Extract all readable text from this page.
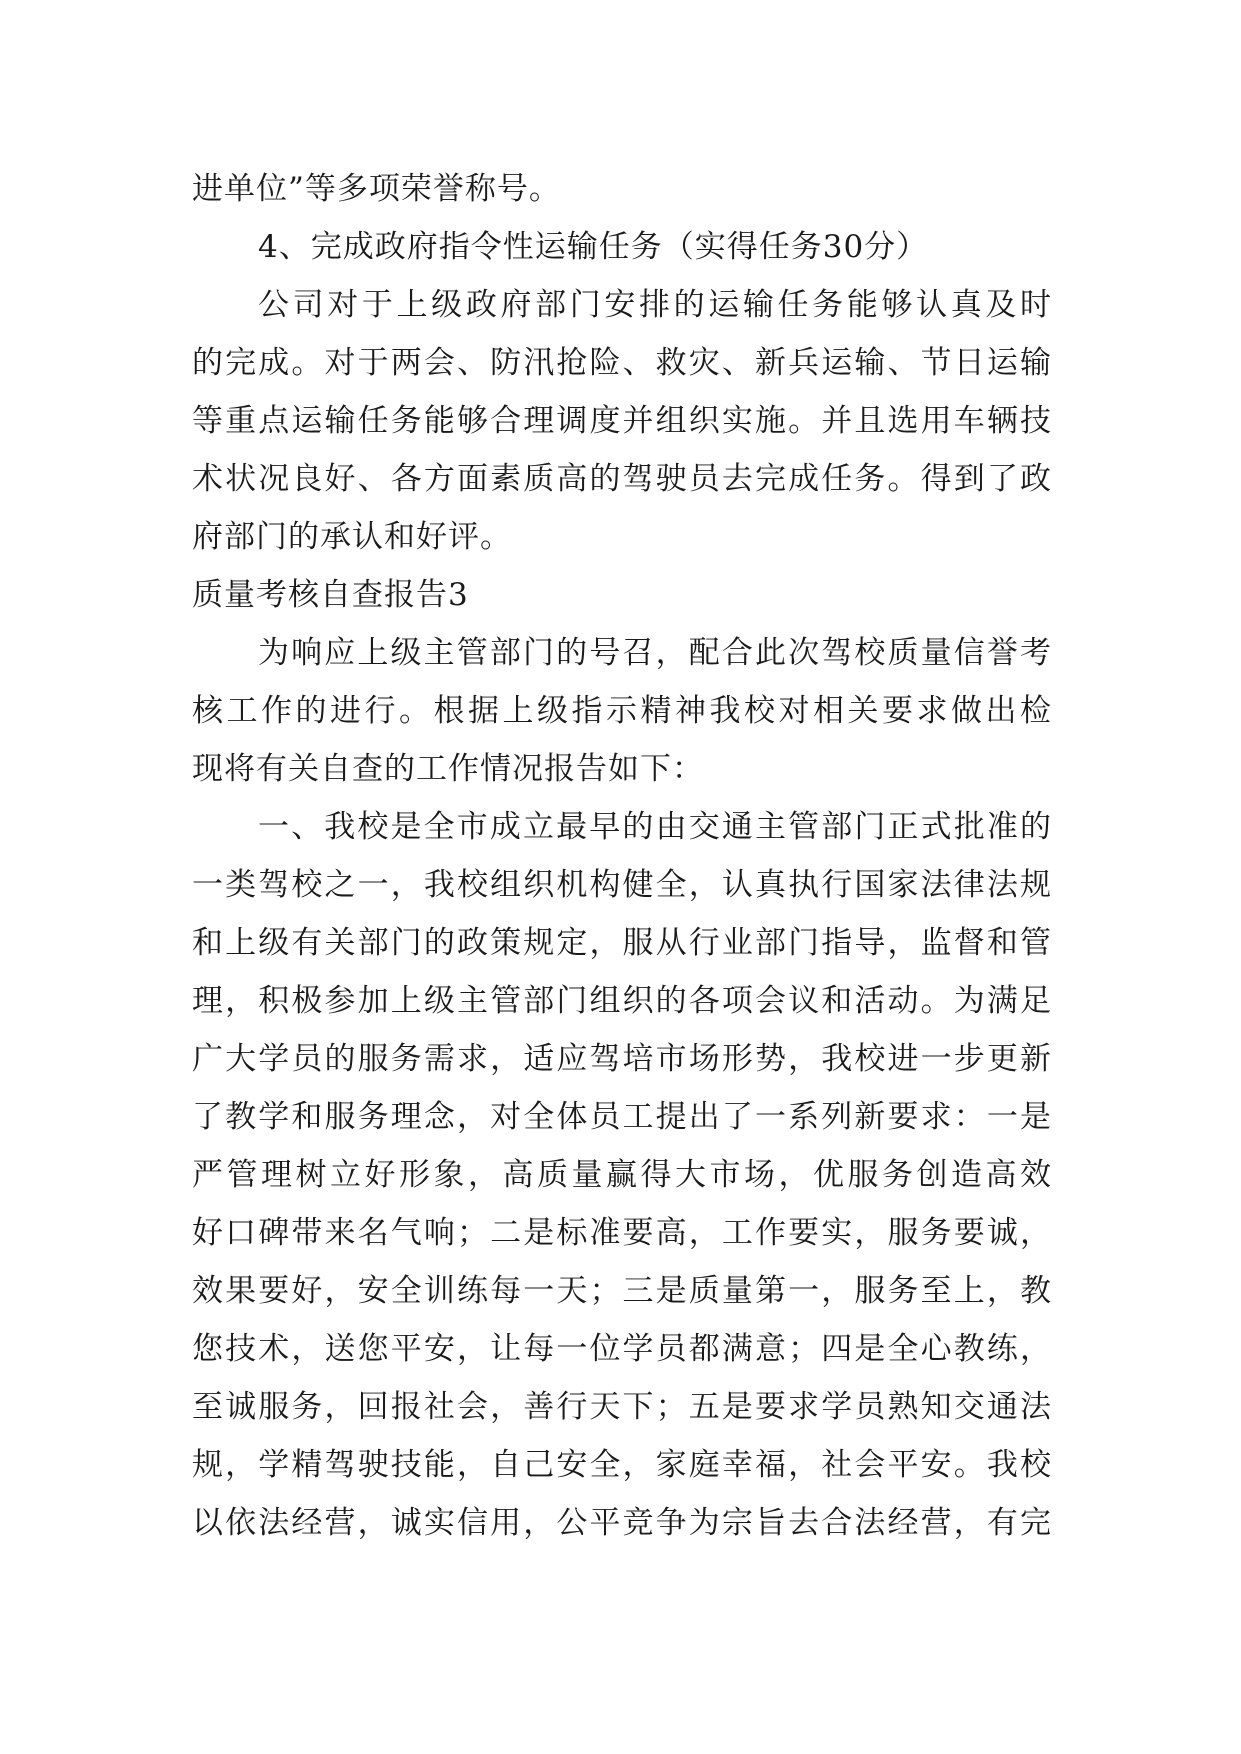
进单位”等多项荣誉称号。
4、完成政府指令性运输任务（实得任务30分）
公司对于上级政府部门安排的运输任务能够认真及时
的完成。对于两会、防汛抢险、救灾、新兵运输、节日运输
等重点运输任务能够合理调度并组织实施。并且选用车辆技
术状况良好、各方面素质高的驾驶员去完成任务。得到了政
府部门的承认和好评。
质量考核自查报告3
为响应上级主管部门的号召，配合此次驾校质量信誉考
核工作的进行。根据上级指示精神我校对相关要求做出检
现将有关自查的工作情况报告如下：
一、我校是全市成立最早的由交通主管部门正式批准的
一类驾校之一，我校组织机构健全，认真执行国家法律法规
和上级有关部门的政策规定，服从行业部门指导，监督和管
理，积极参加上级主管部门组织的各项会议和活动。为满足
广大学员的服务需求，适应驾培市场形势，我校进一步更新
了教学和服务理念，对全体员工提出了一系列新要求：一是
严管理树立好形象，高质量赢得大市场，优服务创造高效
好口碑带来名气响；二是标准要高，工作要实，服务要诚，
效果要好，安全训练每一天；三是质量第一，服务至上，教
您技术，送您平安，让每一位学员都满意；四是全心教练，
至诚服务，回报社会，善行天下；五是要求学员熟知交通法
规，学精驾驶技能，自己安全，家庭幸福，社会平安。我校
以依法经营，诚实信用，公平竞争为宗旨去合法经营，有完
